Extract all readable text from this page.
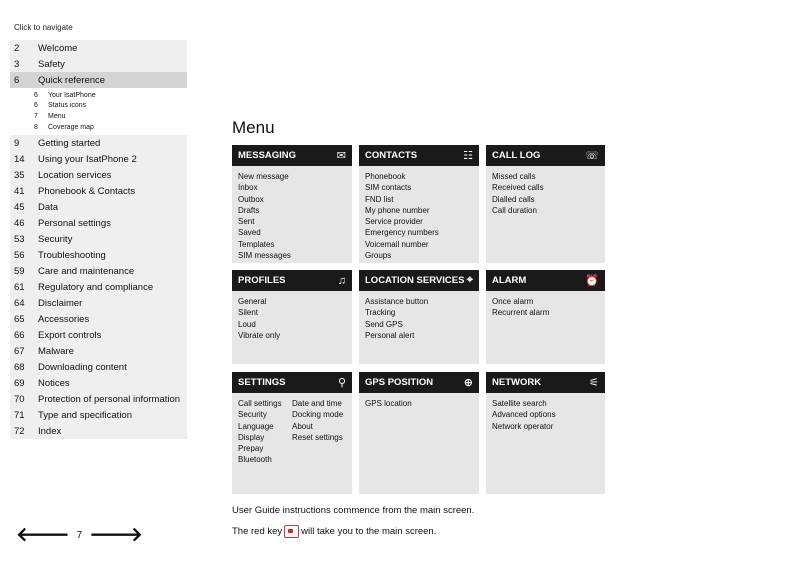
Click to navigate
2	Welcome
3	Safety
6	Quick reference
6	Your IsatPhone
6	Status icons
7	Menu
8	Coverage map
9	Getting started
14	Using your IsatPhone 2
35	Location services
41	Phonebook & Contacts
45	Data
46	Personal settings
53	Security
56	Troubleshooting
59	Care and maintenance
61	Regulatory and compliance
64	Disclaimer
65	Accessories
66	Export controls
67	Malware
68	Downloading content
69	Notices
70	Protection of personal information
71	Type and specification
72	Index
Menu
MESSAGING	✉
New message
Inbox
Outbox
Drafts
Sent
Saved
Templates
SIM messages
CONTACTS	☷
Phonebook
SIM contacts
FND list
My phone number
Service provider
Emergency numbers
Voicemail number
Groups
CALL LOG	☏
Missed calls
Received calls
Dialled calls
Call duration
PROFILES	♫
General
Silent
Loud
Vibrate only
LOCATION SERVICES ⌖
Assistance button
Tracking
Send GPS
Personal alert
ALARM	⏰
Once alarm
Recurrent alarm
SETTINGS	⚲
Call settings
Security
Language
Display
Prepay
Bluetooth
Date and time
Docking mode
About
Reset settings
GPS POSITION	⊕
GPS location
NETWORK	⚟
Satellite search
Advanced options
Network operator
User Guide instructions commence from the main screen.
The red key will take you to the main screen.
🡐 7 🡒
